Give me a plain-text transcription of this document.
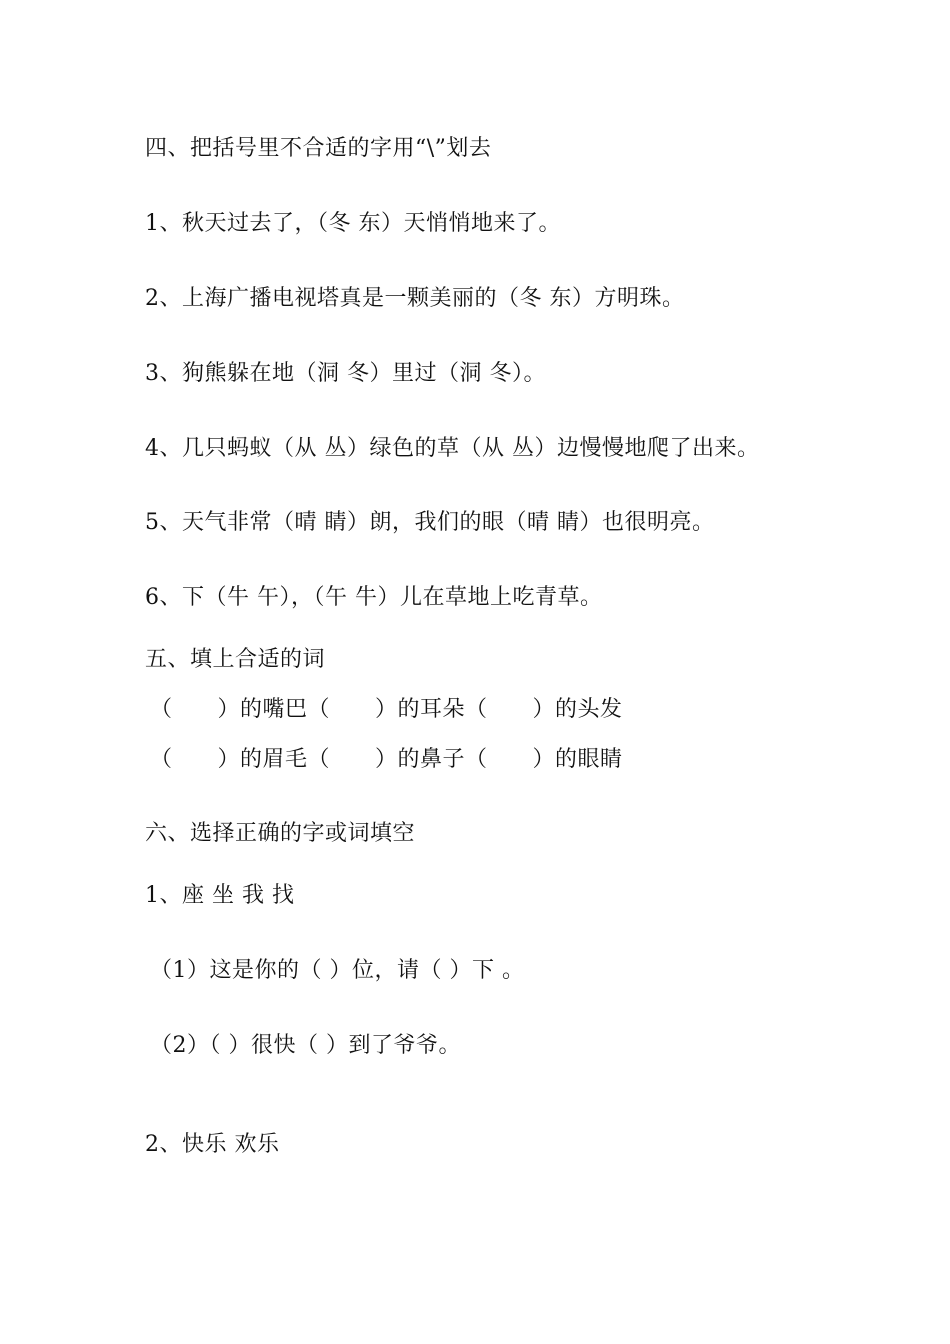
四、把括号里不合适的字用“\”划去
1、秋天过去了，（冬 东）天悄悄地来了。
2、上海广播电视塔真是一颗美丽的（冬 东）方明珠。
3、狗熊躲在地（洞 冬）里过（洞 冬）。
4、几只蚂蚁（从 丛）绿色的草（从 丛）边慢慢地爬了出来。
5、天气非常（晴 睛）朗，我们的眼（晴 睛）也很明亮。
6、下（牛 午），（午 牛）儿在草地上吃青草。
五、填上合适的词
（　　）的嘴巴（　　）的耳朵（　　）的头发
（　　）的眉毛（　　）的鼻子（　　）的眼睛
六、选择正确的字或词填空
1、座 坐 我 找
（1）这是你的（ ）位，请（ ）下 。
（2）（ ）很快（ ）到了爷爷。
2、快乐 欢乐
